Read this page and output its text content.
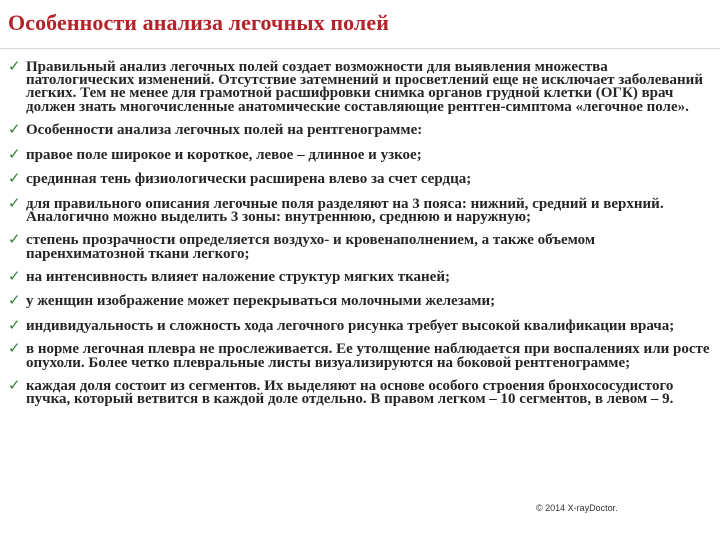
Особенности анализа легочных полей
✓ Правильный анализ легочных полей создает возможности для выявления множества патологических изменений. Отсутствие затемнений и просветлений еще не исключает заболеваний легких. Тем не менее для грамотной расшифровки снимка органов грудной клетки (ОГК) врач должен знать многочисленные анатомические составляющие рентген-симптома «легочное поле».
✓ Особенности анализа легочных полей на рентгенограмме:
✓ правое поле широкое и короткое, левое – длинное и узкое;
✓ срединная тень физиологически расширена влево за счет сердца;
✓ для правильного описания легочные поля разделяют на 3 пояса: нижний, средний и верхний. Аналогично можно выделить 3 зоны: внутреннюю, среднюю и наружную;
✓ степень прозрачности определяется воздухо- и кровенаполнением, а также объемом паренхиматозной ткани легкого;
✓ на интенсивность влияет наложение структур мягких тканей;
✓ у женщин изображение может перекрываться молочными железами;
✓ индивидуальность и сложность хода легочного рисунка требует высокой квалификации врача;
✓ в норме легочная плевра не прослеживается. Ее утолщение наблюдается при воспалениях или росте опухоли. Более четко плевральные листы визуализируются на боковой рентгенограмме;
✓ каждая доля состоит из сегментов. Их выделяют на основе особого строения бронхососудистого пучка, который ветвится в каждой доле отдельно. В правом легком – 10 сегментов, в левом – 9.
© 2014 X-rayDoctor.
